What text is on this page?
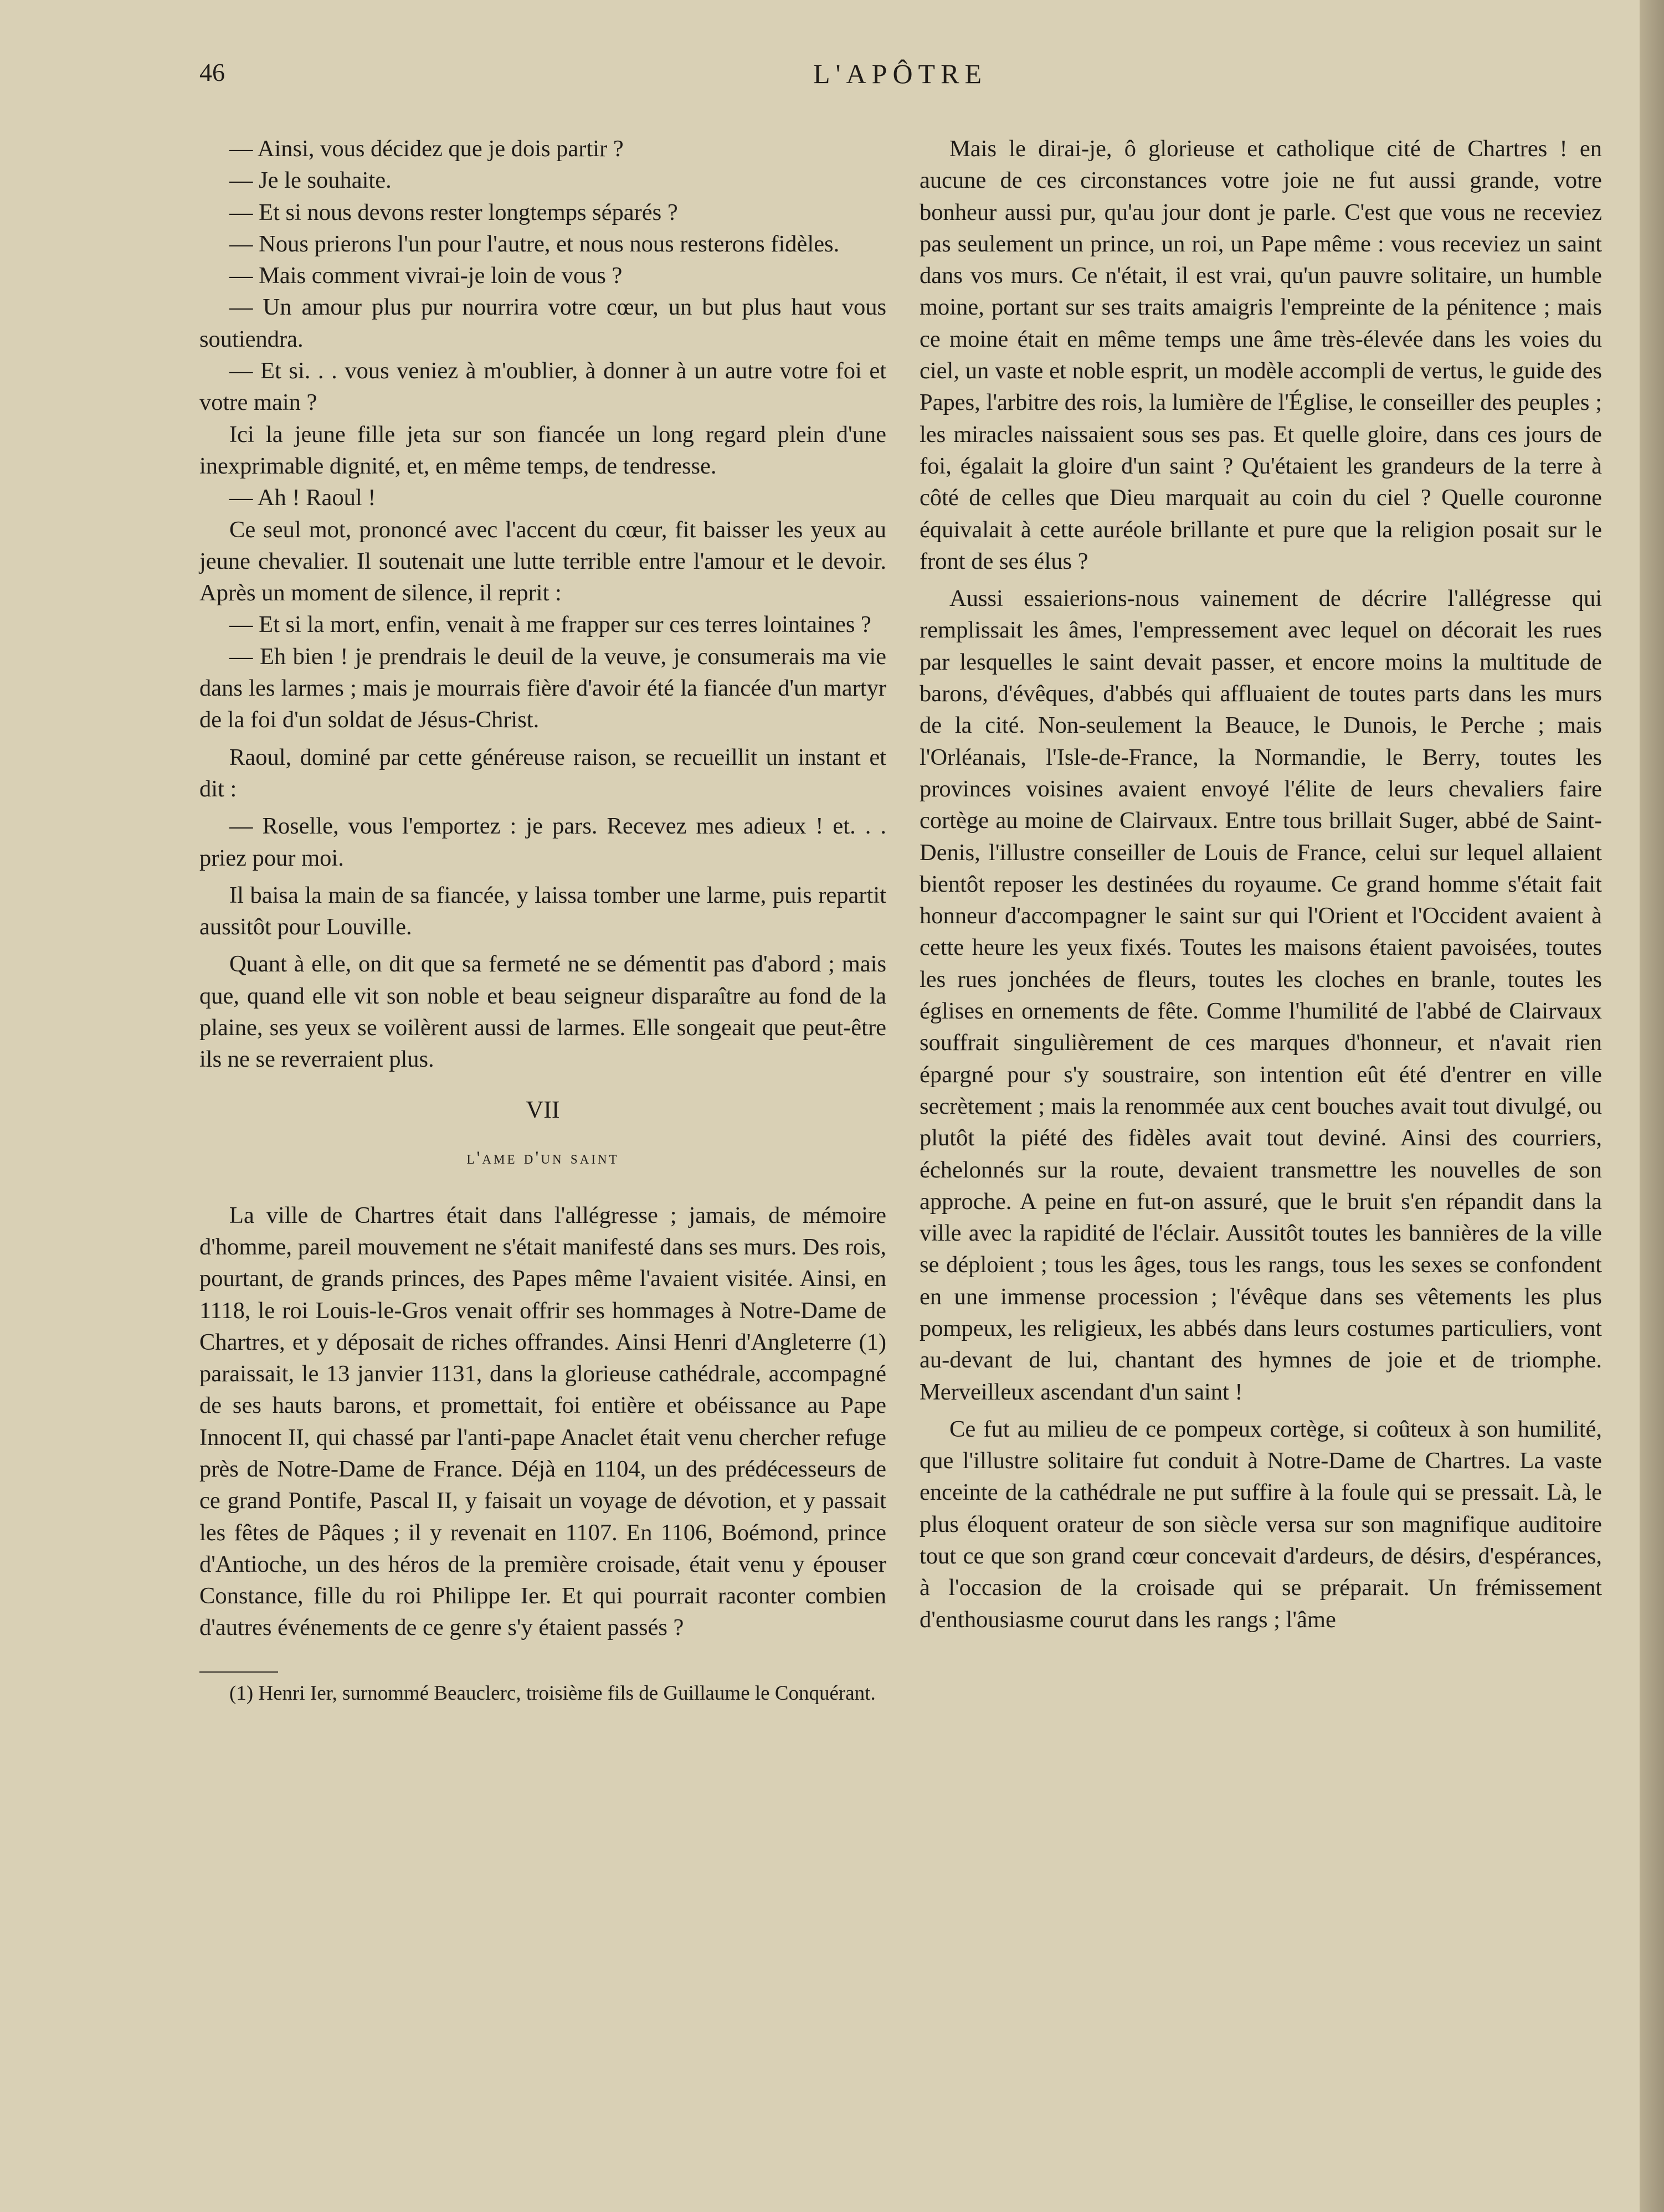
46	L'APÔTRE

— Ainsi, vous décidez que je dois partir ?

— Je le souhaite.

— Et si nous devons rester longtemps séparés ?

— Nous prierons l'un pour l'autre, et nous nous resterons fidèles.

— Mais comment vivrai-je loin de vous ?

— Un amour plus pur nourrira votre cœur, un but plus haut vous soutiendra.

— Et si. . . vous veniez à m'oublier, à donner à un autre votre foi et votre main ?

Ici la jeune fille jeta sur son fiancée un long regard plein d'une inexprimable dignité, et, en même temps, de tendresse.

— Ah ! Raoul !

Ce seul mot, prononcé avec l'accent du cœur, fit baisser les yeux au jeune chevalier. Il soutenait une lutte terrible entre l'amour et le devoir. Après un moment de silence, il reprit :

— Et si la mort, enfin, venait à me frapper sur ces terres lointaines ?

— Eh bien ! je prendrais le deuil de la veuve, je consumerais ma vie dans les larmes ; mais je mourrais fière d'avoir été la fiancée d'un martyr de la foi d'un soldat de Jésus-Christ.

Raoul, dominé par cette généreuse raison, se recueillit un instant et dit :

— Roselle, vous l'emportez : je pars. Recevez mes adieux ! et. . . priez pour moi.

Il baisa la main de sa fiancée, y laissa tomber une larme, puis repartit aussitôt pour Louville.

Quant à elle, on dit que sa fermeté ne se démentit pas d'abord ; mais que, quand elle vit son noble et beau seigneur disparaître au fond de la plaine, ses yeux se voilèrent aussi de larmes. Elle songeait que peut-être ils ne se reverraient plus.

VII
l'ame d'un saint

La ville de Chartres était dans l'allégresse ; jamais, de mémoire d'homme, pareil mouvement ne s'était manifesté dans ses murs. Des rois, pourtant, de grands princes, des Papes même l'avaient visitée. Ainsi, en 1118, le roi Louis-le-Gros venait offrir ses hommages à Notre-Dame de Chartres, et y déposait de riches offrandes. Ainsi Henri d'Angleterre (1) paraissait, le 13 janvier 1131, dans la glorieuse cathédrale, accompagné de ses hauts barons, et promettait, foi entière et obéissance au Pape Innocent II, qui chassé par l'anti-pape Anaclet était venu chercher refuge près de Notre-Dame de France. Déjà en 1104, un des prédécesseurs de ce grand Pontife, Pascal II, y faisait un voyage de dévotion, et y passait les fêtes de Pâques ; il y revenait en 1107. En 1106, Boémond, prince d'Antioche, un des héros de la première croisade, était venu y épouser Constance, fille du roi Philippe Ier. Et qui pourrait raconter combien d'autres événements de ce genre s'y étaient passés ?

(1) Henri Ier, surnommé Beauclerc, troisième fils de Guillaume le Conquérant.

Mais le dirai-je, ô glorieuse et catholique cité de Chartres ! en aucune de ces circonstances votre joie ne fut aussi grande, votre bonheur aussi pur, qu'au jour dont je parle. C'est que vous ne receviez pas seulement un prince, un roi, un Pape même : vous receviez un saint dans vos murs. Ce n'était, il est vrai, qu'un pauvre solitaire, un humble moine, portant sur ses traits amaigris l'empreinte de la pénitence ; mais ce moine était en même temps une âme très-élevée dans les voies du ciel, un vaste et noble esprit, un modèle accompli de vertus, le guide des Papes, l'arbitre des rois, la lumière de l'Église, le conseiller des peuples ; les miracles naissaient sous ses pas. Et quelle gloire, dans ces jours de foi, égalait la gloire d'un saint ? Qu'étaient les grandeurs de la terre à côté de celles que Dieu marquait au coin du ciel ? Quelle couronne équivalait à cette auréole brillante et pure que la religion posait sur le front de ses élus ?

Aussi essaierions-nous vainement de décrire l'allégresse qui remplissait les âmes, l'empressement avec lequel on décorait les rues par lesquelles le saint devait passer, et encore moins la multitude de barons, d'évêques, d'abbés qui affluaient de toutes parts dans les murs de la cité. Non-seulement la Beauce, le Dunois, le Perche ; mais l'Orléanais, l'Isle-de-France, la Normandie, le Berry, toutes les provinces voisines avaient envoyé l'élite de leurs chevaliers faire cortège au moine de Clairvaux. Entre tous brillait Suger, abbé de Saint-Denis, l'illustre conseiller de Louis de France, celui sur lequel allaient bientôt reposer les destinées du royaume. Ce grand homme s'était fait honneur d'accompagner le saint sur qui l'Orient et l'Occident avaient à cette heure les yeux fixés. Toutes les maisons étaient pavoisées, toutes les rues jonchées de fleurs, toutes les cloches en branle, toutes les églises en ornements de fête. Comme l'humilité de l'abbé de Clairvaux souffrait singulièrement de ces marques d'honneur, et n'avait rien épargné pour s'y soustraire, son intention eût été d'entrer en ville secrètement ; mais la renommée aux cent bouches avait tout divulgé, ou plutôt la piété des fidèles avait tout deviné. Ainsi des courriers, échelonnés sur la route, devaient transmettre les nouvelles de son approche. A peine en fut-on assuré, que le bruit s'en répandit dans la ville avec la rapidité de l'éclair. Aussitôt toutes les bannières de la ville se déploient ; tous les âges, tous les rangs, tous les sexes se confondent en une immense procession ; l'évêque dans ses vêtements les plus pompeux, les religieux, les abbés dans leurs costumes particuliers, vont au-devant de lui, chantant des hymnes de joie et de triomphe. Merveilleux ascendant d'un saint !

Ce fut au milieu de ce pompeux cortège, si coûteux à son humilité, que l'illustre solitaire fut conduit à Notre-Dame de Chartres. La vaste enceinte de la cathédrale ne put suffire à la foule qui se pressait. Là, le plus éloquent orateur de son siècle versa sur son magnifique auditoire tout ce que son grand cœur concevait d'ardeurs, de désirs, d'espérances, à l'occasion de la croisade qui se préparait. Un frémissement d'enthousiasme courut dans les rangs ; l'âme
